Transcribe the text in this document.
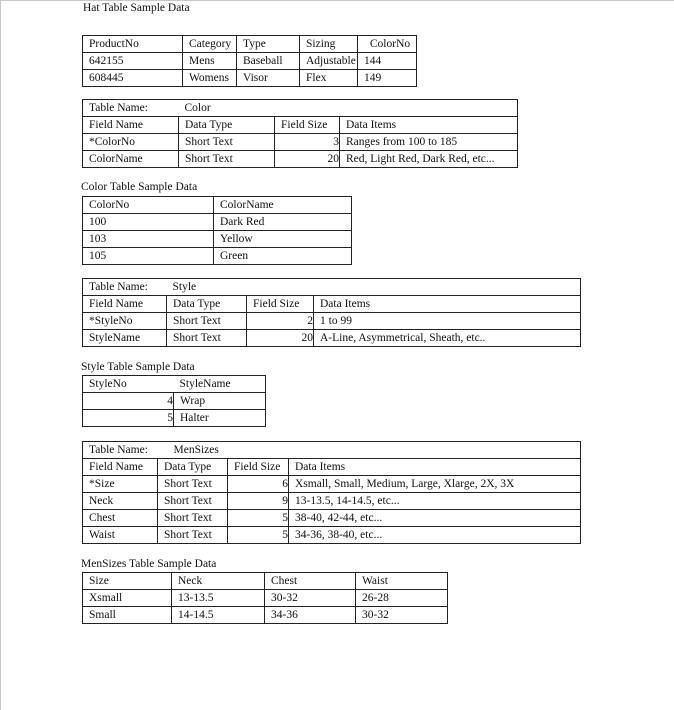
Hat Table Sample Data
ProductNo	Category	Type	Sizing	ColorNo
642155	Mens	Baseball	Adjustable	144
608445	Womens	Visor	Flex	149
Table Name:	Color		
Field Name	Data Type	Field Size	Data Items
*ColorNo	Short Text	3	Ranges from 100 to 185
ColorName	Short Text	20	Red, Light Red, Dark Red, etc...
Color Table Sample Data
ColorNo	ColorName
100	Dark Red
103	Yellow
105	Green
Table Name:	Style		
Field Name	Data Type	Field Size	Data Items
*StyleNo	Short Text	2	1 to 99
StyleName	Short Text	20	A-Line, Asymmetrical, Sheath, etc..
Style Table Sample Data
StyleNo	StyleName
4	Wrap
5	Halter
Table Name:	MenSizes		
Field Name	Data Type	Field Size	Data Items
*Size	Short Text	6	Xsmall, Small, Medium, Large, Xlarge, 2X, 3X
Neck	Short Text	9	13-13.5, 14-14.5, etc...
Chest	Short Text	5	38-40, 42-44, etc...
Waist	Short Text	5	34-36, 38-40, etc...
MenSizes Table Sample Data
Size	Neck	Chest	Waist
Xsmall	13-13.5	30-32	26-28
Small	14-14.5	34-36	30-32
